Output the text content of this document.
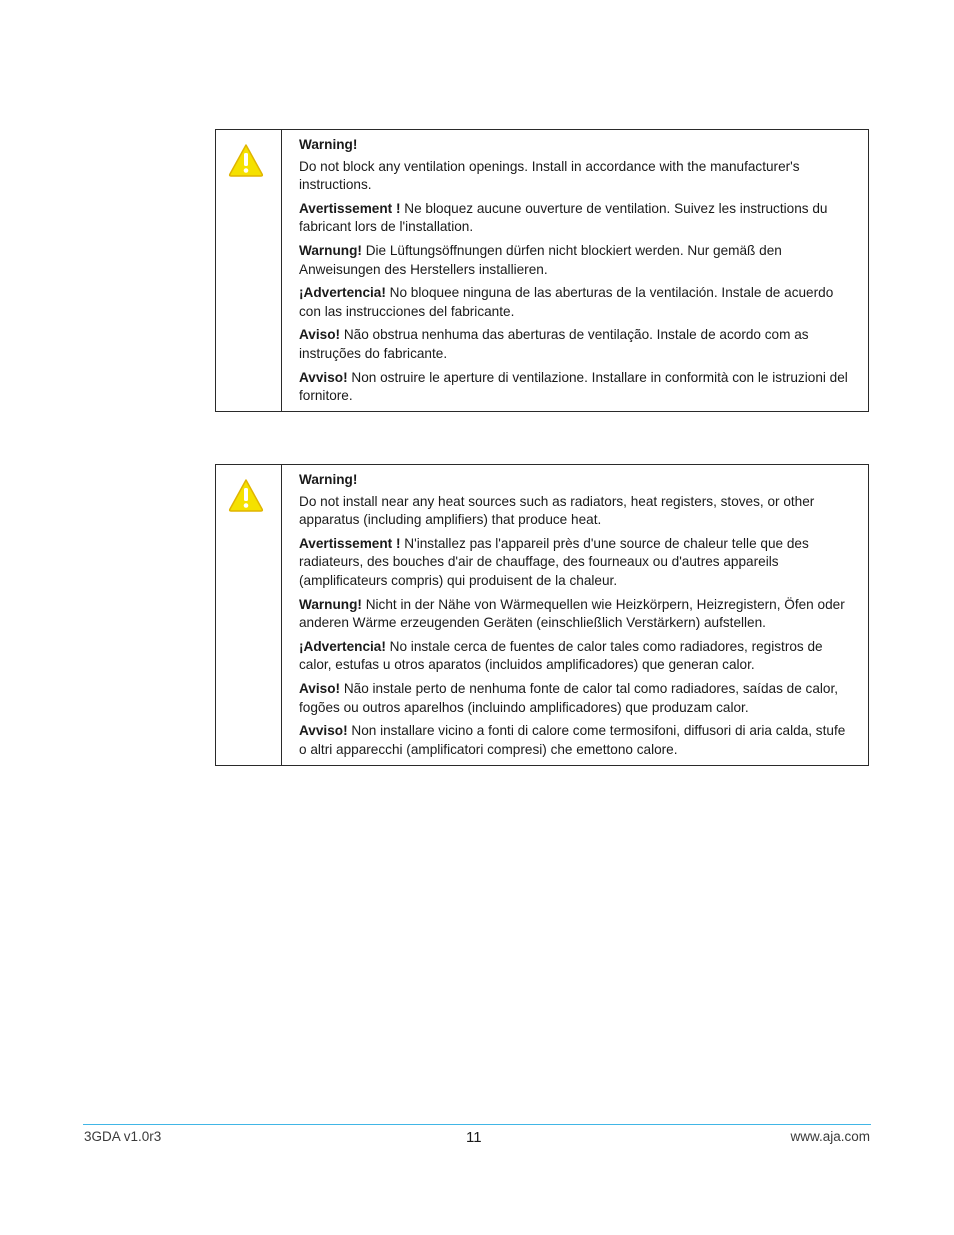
Warning!

Do not block any ventilation openings. Install in accordance with the manufacturer's instructions.

Avertissement ! Ne bloquez aucune ouverture de ventilation. Suivez les instructions du fabricant lors de l'installation.

Warnung! Die Lüftungsöffnungen dürfen nicht blockiert werden. Nur gemäß den Anweisungen des Herstellers installieren.

¡Advertencia! No bloquee ninguna de las aberturas de la ventilación. Instale de acuerdo con las instrucciones del fabricante.

Aviso! Não obstrua nenhuma das aberturas de ventilação. Instale de acordo com as instruções do fabricante.

Avviso! Non ostruire le aperture di ventilazione. Installare in conformità con le istruzioni del fornitore.

Warning!

Do not install near any heat sources such as radiators, heat registers, stoves, or other apparatus (including amplifiers) that produce heat.

Avertissement ! N'installez pas l'appareil près d'une source de chaleur telle que des radiateurs, des bouches d'air de chauffage, des fourneaux ou d'autres appareils (amplificateurs compris) qui produisent de la chaleur.

Warnung! Nicht in der Nähe von Wärmequellen wie Heizkörpern, Heizregistern, Öfen oder anderen Wärme erzeugenden Geräten (einschließlich Verstärkern) aufstellen.

¡Advertencia! No instale cerca de fuentes de calor tales como radiadores, registros de calor, estufas u otros aparatos (incluidos amplificadores) que generan calor.

Aviso! Não instale perto de nenhuma fonte de calor tal como radiadores, saídas de calor, fogões ou outros aparelhos (incluindo amplificadores) que produzam calor.

Avviso! Non installare vicino a fonti di calore come termosifoni, diffusori di aria calda, stufe o altri apparecchi (amplificatori compresi) che emettono calore.

3GDA v1.0r3	11	www.aja.com
